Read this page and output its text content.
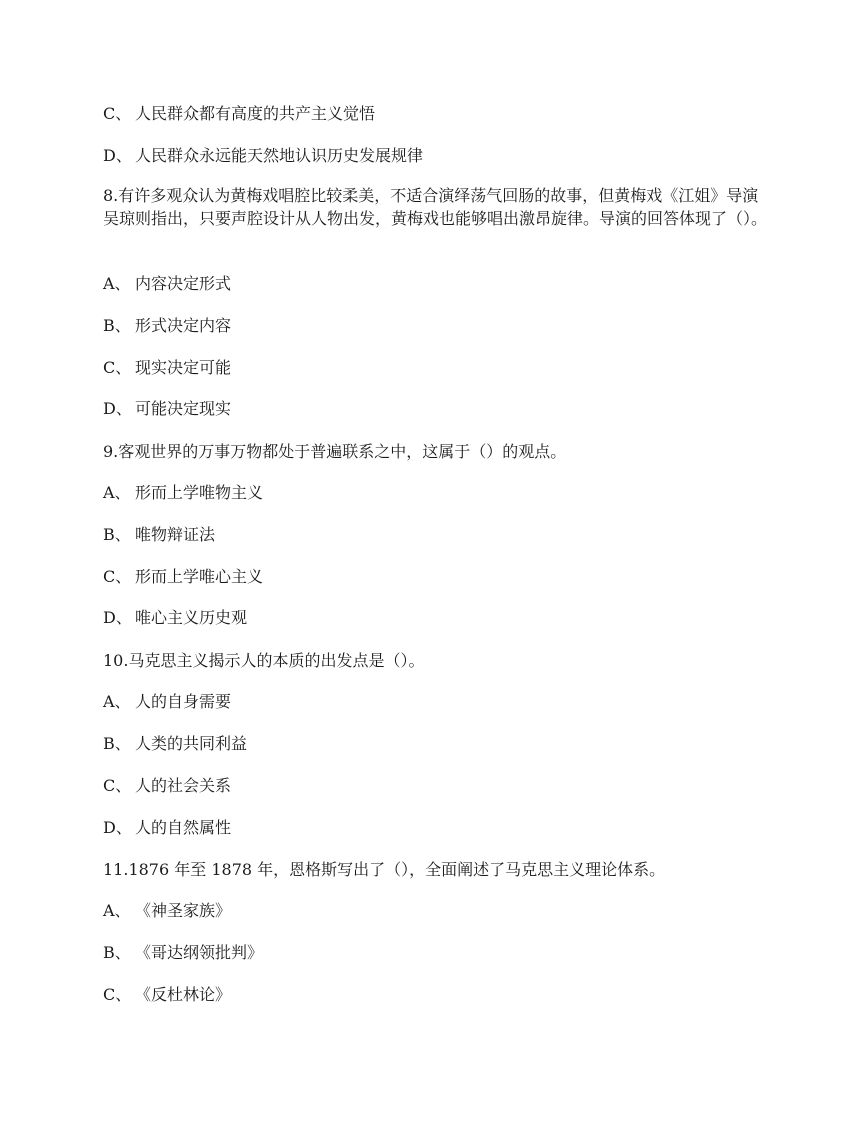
C、 人民群众都有高度的共产主义觉悟
D、 人民群众永远能天然地认识历史发展规律
8.有许多观众认为黄梅戏唱腔比较柔美，不适合演绎荡气回肠的故事，但黄梅戏《江姐》导演吴琼则指出，只要声腔设计从人物出发，黄梅戏也能够唱出激昂旋律。导演的回答体现了（）。
A、 内容决定形式
B、 形式决定内容
C、 现实决定可能
D、 可能决定现实
9.客观世界的万事万物都处于普遍联系之中，这属于（）的观点。
A、 形而上学唯物主义
B、 唯物辩证法
C、 形而上学唯心主义
D、 唯心主义历史观
10.马克思主义揭示人的本质的出发点是（）。
A、 人的自身需要
B、 人类的共同利益
C、 人的社会关系
D、 人的自然属性
11.1876 年至 1878 年，恩格斯写出了（），全面阐述了马克思主义理论体系。
A、 《神圣家族》
B、 《哥达纲领批判》
C、 《反杜林论》
